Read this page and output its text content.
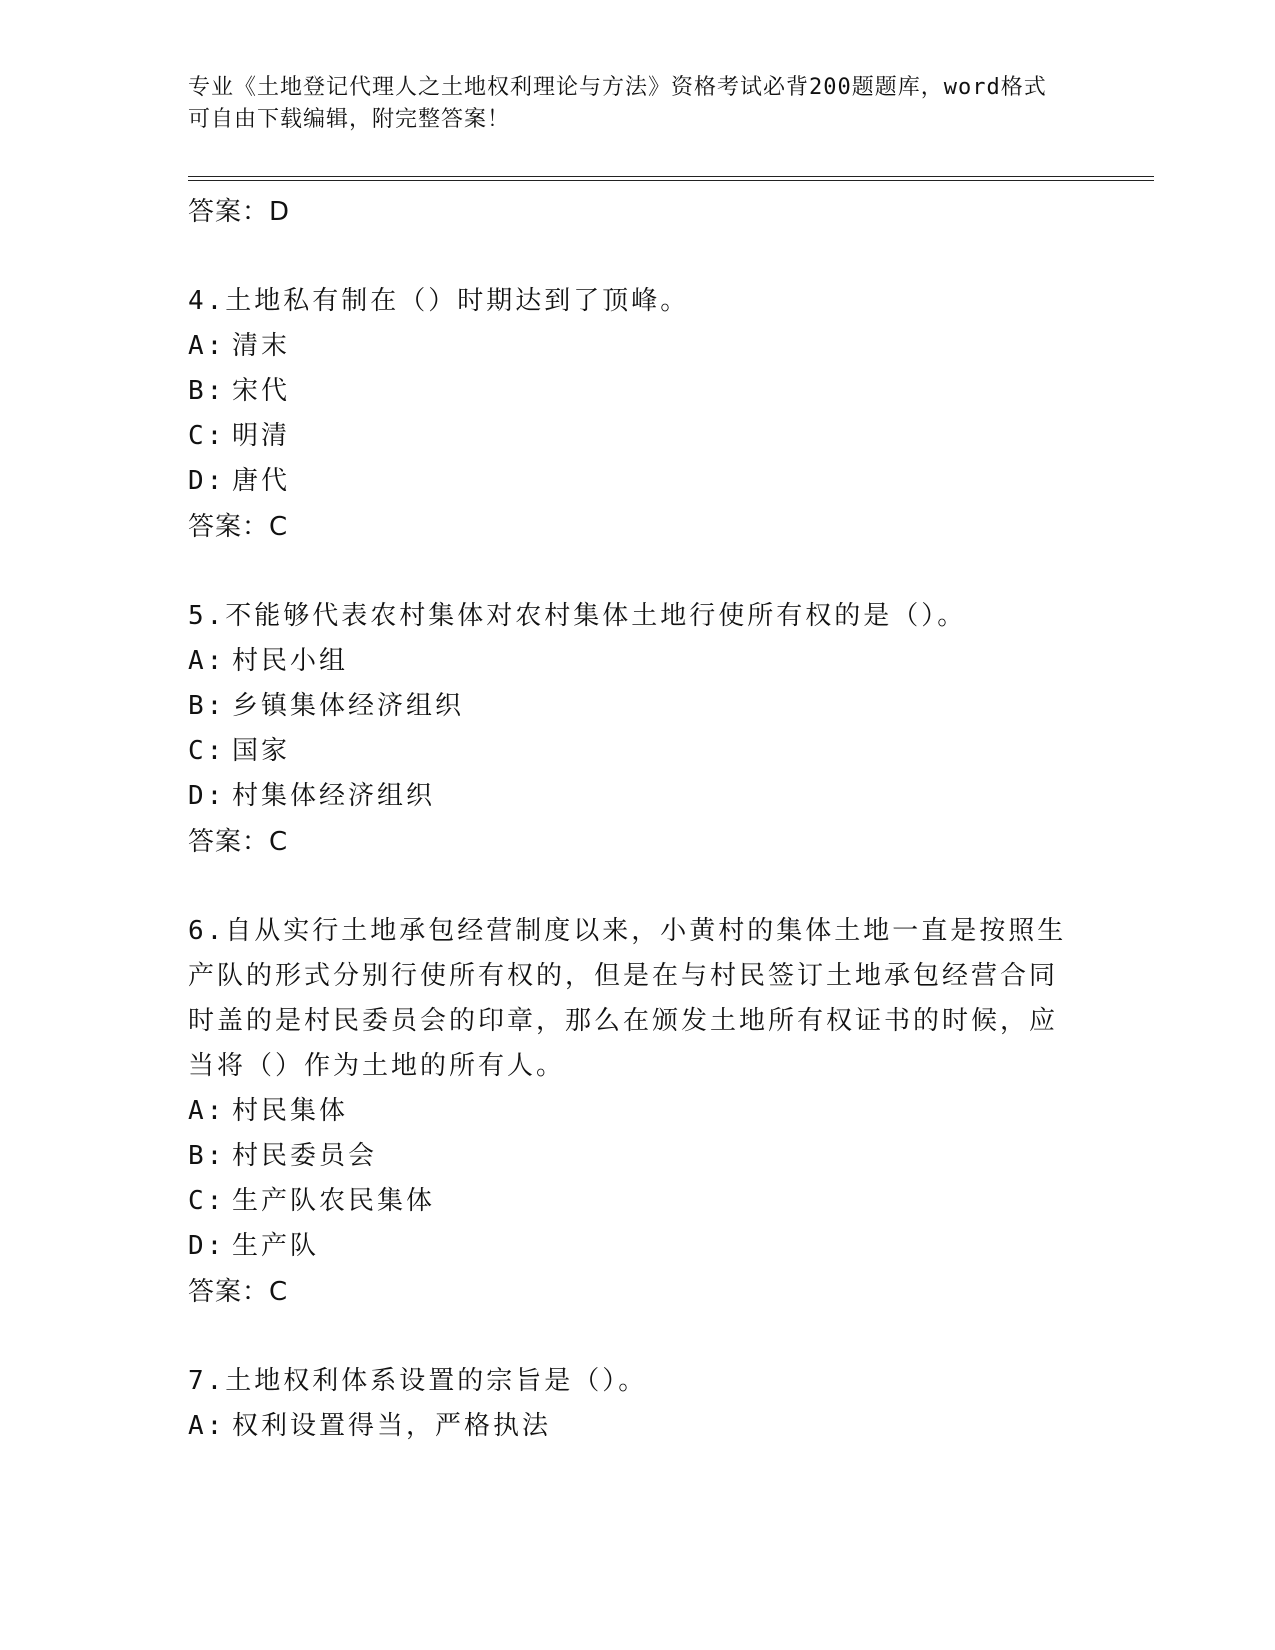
专业《土地登记代理人之土地权利理论与方法》资格考试必背200题题库，word格式可自由下载编辑，附完整答案！

答案：D
4.土地私有制在（）时期达到了顶峰。
A: 清末
B: 宋代
C: 明清
D: 唐代
答案：C
5.不能够代表农村集体对农村集体土地行使所有权的是（）。
A: 村民小组
B: 乡镇集体经济组织
C: 国家
D: 村集体经济组织
答案：C
6.自从实行土地承包经营制度以来，小黄村的集体土地一直是按照生产队的形式分别行使所有权的，但是在与村民签订土地承包经营合同时盖的是村民委员会的印章，那么在颁发土地所有权证书的时候，应当将（）作为土地的所有人。
A: 村民集体
B: 村民委员会
C: 生产队农民集体
D: 生产队
答案：C
7.土地权利体系设置的宗旨是（）。
A: 权利设置得当，严格执法
